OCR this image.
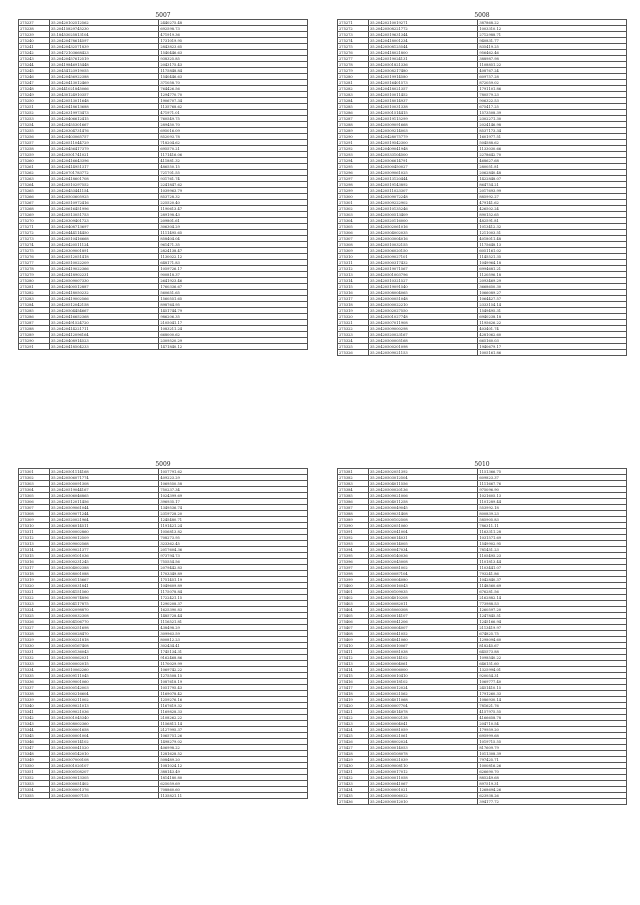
5007
275237	35.20420102512562	2440275.48
275238	35.20415829745230	692598.73
275239	35.18453025813104	471919.36
275240	35.20420478614597	1731019.95
275241	35.20420432571839	2843823.65
275242	35.20472103668423	1540446.63
275243	35.20420457612519	938325.85
275244	35.20419846915448	2043175.43
275245	35.20454123919055	1175848.84
275246	35.20420456922388	1540446.63
275247	35.20420413012469	371058.70
275248	35.20441021845066	764426.56
275249	35.20430124910357	1294770.70
275250	35.20420513011648	1906707.34
275251	35.20420418613688	1135768.62
275252	35.20420319973473	471971.01
275253	35.20420406612415	760549.75
275254	35.20420455301667	289450.70
275255	35.20420304731476	695016.09
275256	35.20420403065757	852093.78
275257	35.20420511044729	718204.62
275258	35.20420456417379	695570.21
275259	35.20420501741021	1171416.06
275260	35.20420416643396	411881.32
275261	35.20420414951317	486550.15
275262	35.20420701783772	721701.55
275263	35.20420418601708	931761.74
275264	35.20420510297552	2241847.62
275265	35.20420453441154	1039963.79
275266	35.20420503605925	853728.32
275267	35.20420510972416	225520.40
275268	35.20420616451996	1190613.47
275269	35.20420513051753	289198.43
275270	35.20420309401723	209801.61
275271	35.20420408713697	306304.29
275272	35.20420444114450	1111495.65
275273	35.20420510416668	858404.04
275274	35.20420420511124	961471.35
275275	35.20420309001891	2824138.47
275276	35.20420512051418	1130022.12
275277	35.20420510022209	648171.83
275278	35.20420419022366	1059726.17
275279	35.20420418902231	900818.37
275280	35.20420509007330	2641923.46
275281	35.20420400512887	1760336.67
275282	35.20420418050232	560651.65
275283	35.20420419002566	1560551.65
275284	35.20420512042158	898764.95
275285	35.20420504454667	1451744.79
275286	35.20420416652368	986206.35
275287	35.20420491524720	2105041.17
275288	35.20420414221711	1083211.24
275289	35.20420412096164	668000.62
275290	35.20420408914523	2309520.29
275291	35.20420418504233	1471840.12
5008
275271	35.20420210019271	387868.22
275272	35.20420508221772	1003310.12
275273	35.20420519631344	2712988.71
275274	35.20420418001234	940831.77
275275	35.20420508125544	835419.25
275276	35.20420418021800	956462.46
275277	35.20420519024131	388987.98
275278	35.20420501821336	1108851.22
275279	35.20420508217480	408767.24
275280	35.20420519914580	609757.28
275281	35.20420516401573	872059.02
275282	35.20420418021357	1791101.86
275283	35.20420510011452	780579.23
275284	35.20420518014937	906322.53
275285	35.20420510031338	675417.25
275286	35.20420501514415	1573508.39
275287	35.20420519115299	2302271.30
275288	35.20420509091668	2024146.98
275289	35.20420509214003	8537173.34
275290	35.20420428075779	1601977.51
275291	35.20420519542300	504588.62
275292	35.20420409041948	1133030.66
275293	35.20420533104500	2278642.70
275294	35.20420506614791	468627.68
275295	35.20420500450027	280051.81
275296	35.20420509061025	2062840.48
275297	35.20420513120444	1422848.07
275298	35.20420519143892	864754.21
275299	35.20420511023307	2017693.99
275300	35.20420509072248	885992.27
275301	35.20420509222902	479141.62
275302	35.20420510135246	426502.24
275303	35.20420500513409	890152.65
275304	35.20420520116000	482591.81
275305	35.20420502061016	1013412.32
275306	35.20420504002035	1211003.51
275307	35.20420503004016	4018011.48
275308	35.20420510032155	1175648.13
275309	35.20420506020150	6051161.02
275310	35.20420509027101	1145521.35
275311	35.20420500317432	1049964.18
275312	35.20420519071567	6994681.21
275313	35.20420501003796	1120596.18
275314	35.20420510321527	2093469.29
275315	35.20420519091540	3668650.30
275316	35.20420508004065	1066089.27
275317	35.20420500051048	1064427.57
275318	35.20420500022210	2333154.14
275319	35.20420502027550	1549495.31
275320	35.20420501027748	6940238.18
275321	35.20420507011908	1195626.22
275322	35.20420509000298	403401.74
275323	35.20420520023167	4281062.60
275324	35.20420500005168	665160.03
275325	35.20420500201098	1940679.17
275326	35.20420509021153	1005161.86
5009
275301	35.20420501114168	1057791.62
275302	35.20420506071774	409223.29
275303	35.20420500091308	1069550.58
275304	35.20420519044167	750237.34
275305	35.20420506046865	1024399.69
275306	35.20420512011456	396935.17
275307	35.20420509061044	1349536.74
275308	35.20420509071244	2319728.20
275309	35.20420520021964	1245480.71
275310	35.20420506014511	1191421.24
275311	35.20420500002860	1056813.82
275312	35.20420509012509	708273.95
275313	35.20420509002568	323362.45
275314	35.20420509021377	2017604.36
275315	35.20420509101036	973794.73
275316	35.20420500231245	755554.56
275317	35.20420504002388	2079442.83
275318	35.20420508001088	1703349.89
275319	35.20420500115667	1751451.19
275320	35.20420500031841	1049609.89
275321	35.20420504151560	1175078.84
275322	35.20420509074896	1722421.15
275323	35.20420504117875	1290208.37
275324	35.20420502098870	1625390.83
275325	35.20420500032308	1485728.44
275326	35.20420504106770	1116521.81
275327	35.20420500251698	438498.29
275328	35.20420500028470	309963.59
275329	35.20420500221818	800812.23
275330	35.20420500167408	302434.41
275331	35.20420500136043	1745134.31
275332	35.20420500062031	9162468.86
275333	35.20420500002015	1170029.99
275334	35.20420510062260	1069742.22
275335	35.20420509111045	1275508.15
275336	35.20420509001060	1087618.19
275337	35.20420500142003	1051795.43
275338	35.20420500216604	1169078.42
275339	35.20420500211002	1259276.16
275340	35.20420509021013	1167619.32
275341	35.20420509021036	1169828.33
275342	35.20420501045340	2108262.22
275343	35.20420508002360	1156811.14
275344	35.20420500001658	2127995.37
275345	35.20420500001004	1065751.26
275346	35.20420500014102	1498279.02
275347	35.20420500041520	406998.22
275348	35.20420500142010	1281628.52
275349	35.20420507000108	508489.20
275350	35.20420501020107	1081024.12
275351	35.20420500108207	388143.49
275352	35.20420509013305	1814180.80
275353	35.20420500051402	625059.69
275354	35.20420500001376	708860.60
275355	35.20420500007155	1135821.11
5010
275381	35.20420502051392	1151366.75
275382	35.20420503012504	609823.37
275383	35.20420504011556	1111667.76
275384	35.20420500020136	975096.90
275385	35.20420509021006	1021605.13
275386	35.20420504011258	1101289.44
275387	35.20420500049045	553992.18
275388	35.20420509031408	800839.23
275389	35.20420500102508	585905.83
275390	35.20420502051060	786311.11
275391	35.20420502041004	1163311.28
275392	35.20420506014031	1031571.69
275393	35.20420500014005	1549902.95
275394	35.20420500047034	781451.23
275395	35.20420500140036	1105495.23
275396	35.20420502045008	1101813.44
275397	35.20420500081002	1103441.07
275398	35.20420500087104	793241.86
275399	35.20420500004080	1042840.37
275400	35.20420500016043	1148560.69
275401	35.20420500109035	676281.56
275402	35.20420504010208	2162882.14
275403	35.20420500082011	773988.53
275404	35.20420505060308	1260597.20
275405	35.20420500014107	1247845.51
275406	35.20420500041206	1245166.94
275407	35.20420500004007	2113419.97
275408	35.20420500041052	674825.75
275409	35.20420504041060	1298094.60
275410	35.20420500010067	818245.67
275411	35.20420500081038	645573.88
275412	35.20420500014102	1098540.22
275413	35.20420500004061	646151.60
275414	35.20420500006000	1325994.01
275415	35.20420500010410	920054.31
275416	35.20420500018102	1069777.40
275417	35.20420500012024	2451410.15
275418	35.20420500021562	1791260.33
275419	35.20420504011068	1086930.14
275420	35.20420500007704	781621.76
275421	35.20420504014078	4157975.55
275422	35.20420500002138	4166658.78
275423	35.20420500004041	204710.54
275424	35.20420500081059	179959.20
275425	35.20420500021061	695999.68
275426	35.20420508002024	1019715.55
275427	35.20420500014053	817609.79
275428	35.20420500108078	1011308.39
275429	35.20420500021039	797425.71
275430	35.20420509008110	1000816.26
275431	35.20420500017012	626690.70
275432	35.20420500011058	885249.68
275433	35.20420500041067	897519.31
275434	35.20420500001021	1268694.26
275435	35.20420500006022	623938.26
275436	35.20420500012010	394177.72
